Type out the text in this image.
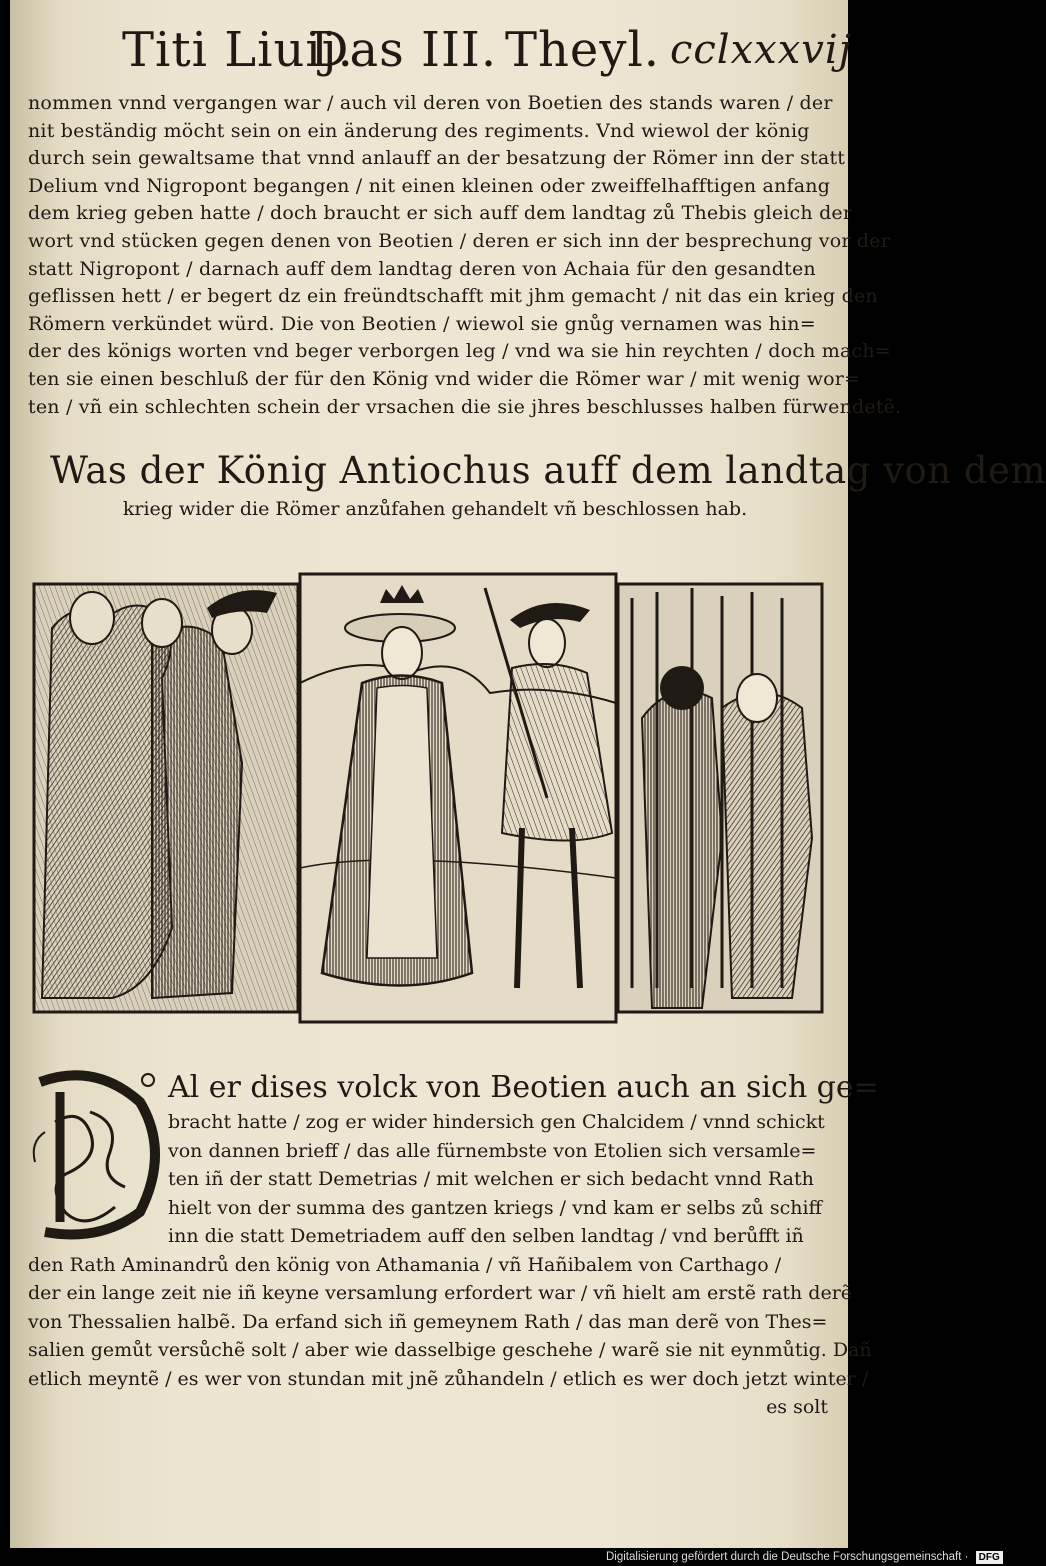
Titi Liuij.
Das III. Theyl. cclxxxvij
nommen vnnd vergangen war / auch vil deren von Boetien des stands waren / der
nit beständig möcht sein on ein änderung des regiments. Vnd wiewol der könig
durch sein gewaltsame that vnnd anlauff an der besatzung der Römer inn der statt
Delium vnd Nigropont begangen / nit einen kleinen oder zweiffelhafftigen anfang
dem krieg geben hatte / doch braucht er sich auff dem landtag zů Thebis gleich der
wort vnd stücken gegen denen von Beotien / deren er sich inn der besprechung vor der
statt Nigropont / darnach auff dem landtag deren von Achaia für den gesandten
geflissen hett / er begert dz ein freündtschafft mit jhm gemacht / nit das ein krieg den
Römern verkündet würd. Die von Beotien / wiewol sie gnůg vernamen was hin=
der des königs worten vnd beger verborgen leg / vnd wa sie hin reychten / doch mach=
ten sie einen beschluß der für den König vnd wider die Römer war / mit wenig wor=
ten / vñ ein schlechten schein der vrsachen die sie jhres beschlusses halben fürwendetẽ.
Was der König Antiochus auff dem landtag von dem
krieg wider die Römer anzůfahen gehandelt vñ beschlossen hab.
Al er dises volck von Beotien auch an sich ge=
bracht hatte / zog er wider hindersich gen Chalcidem / vnnd schickt
von dannen brieff / das alle fürnembste von Etolien sich versamle=
ten iñ der statt Demetrias / mit welchen er sich bedacht vnnd Rath
hielt von der summa des gantzen kriegs / vnd kam er selbs zů schiff
inn die statt Demetriadem auff den selben landtag / vnd berůfft iñ
den Rath Aminandrů den könig von Athamania / vñ Hañibalem von Carthago /
der ein lange zeit nie iñ keyne versamlung erfordert war / vñ hielt am erstẽ rath derẽ
von Thessalien halbẽ. Da erfand sich iñ gemeynem Rath / das man derẽ von Thes=
salien gemůt versůchẽ solt / aber wie dasselbige geschehe / warẽ sie nit eynmůtig. Dañ
etlich meyntẽ / es wer von stundan mit jnẽ zůhandeln / etlich es wer doch jetzt winter /
es solt
Digitalisierung gefördert durch die Deutsche Forschungsgemeinschaft · DFG
